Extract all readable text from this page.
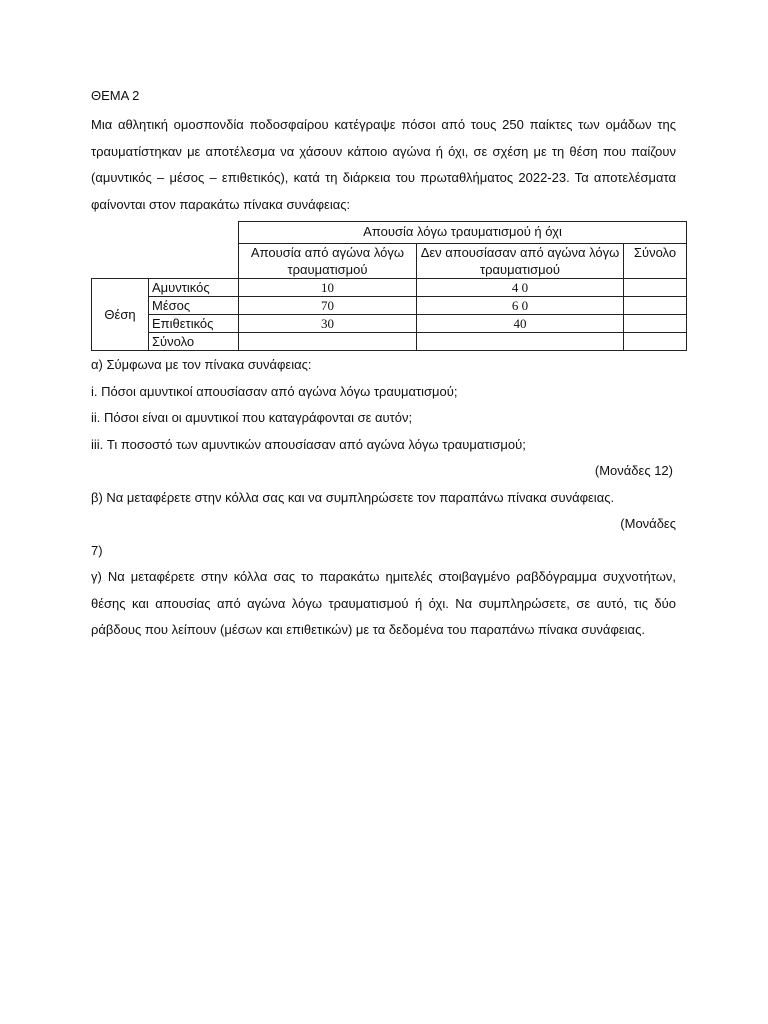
ΘΕΜΑ 2

Μια αθλητική ομοσπονδία ποδοσφαίρου κατέγραψε πόσοι από τους 250 παίκτες των ομάδων της τραυματίστηκαν με αποτέλεσμα να χάσουν κάποιο αγώνα ή όχι, σε σχέση με τη θέση που παίζουν (αμυντικός – μέσος – επιθετικός), κατά τη διάρκεια του πρωταθλήματος 2022-23. Τα αποτελέσματα φαίνονται στον παρακάτω πίνακα συνάφειας:

		Απουσία λόγω τραυματισμού ή όχι		
		Απουσία από αγώνα λόγω τραυματισμού	Δεν απουσίασαν από αγώνα λόγω τραυματισμού	Σύνολο
Θέση	Αμυντικός	10	4 0	
	Μέσος	70	6 0	
	Επιθετικός	30	40	
	Σύνολο			

α) Σύμφωνα με τον πίνακα συνάφειας:

i. Πόσοι αμυντικοί απουσίασαν από αγώνα λόγω τραυματισμού;

ii. Πόσοι είναι οι αμυντικοί που καταγράφονται σε αυτόν;

iii. Τι ποσοστό των αμυντικών απουσίασαν από αγώνα λόγω τραυματισμού;

(Μονάδες 12)

β) Να μεταφέρετε στην κόλλα σας και να συμπληρώσετε τον παραπάνω πίνακα συνάφειας.

(Μονάδες

7)

γ) Να μεταφέρετε στην κόλλα σας το παρακάτω ημιτελές στοιβαγμένο ραβδόγραμμα συχνοτήτων, θέσης και απουσίας από αγώνα λόγω τραυματισμού ή όχι. Να συμπληρώσετε, σε αυτό, τις δύο ράβδους που λείπουν (μέσων και επιθετικών) με τα δεδομένα του παραπάνω πίνακα συνάφειας.
